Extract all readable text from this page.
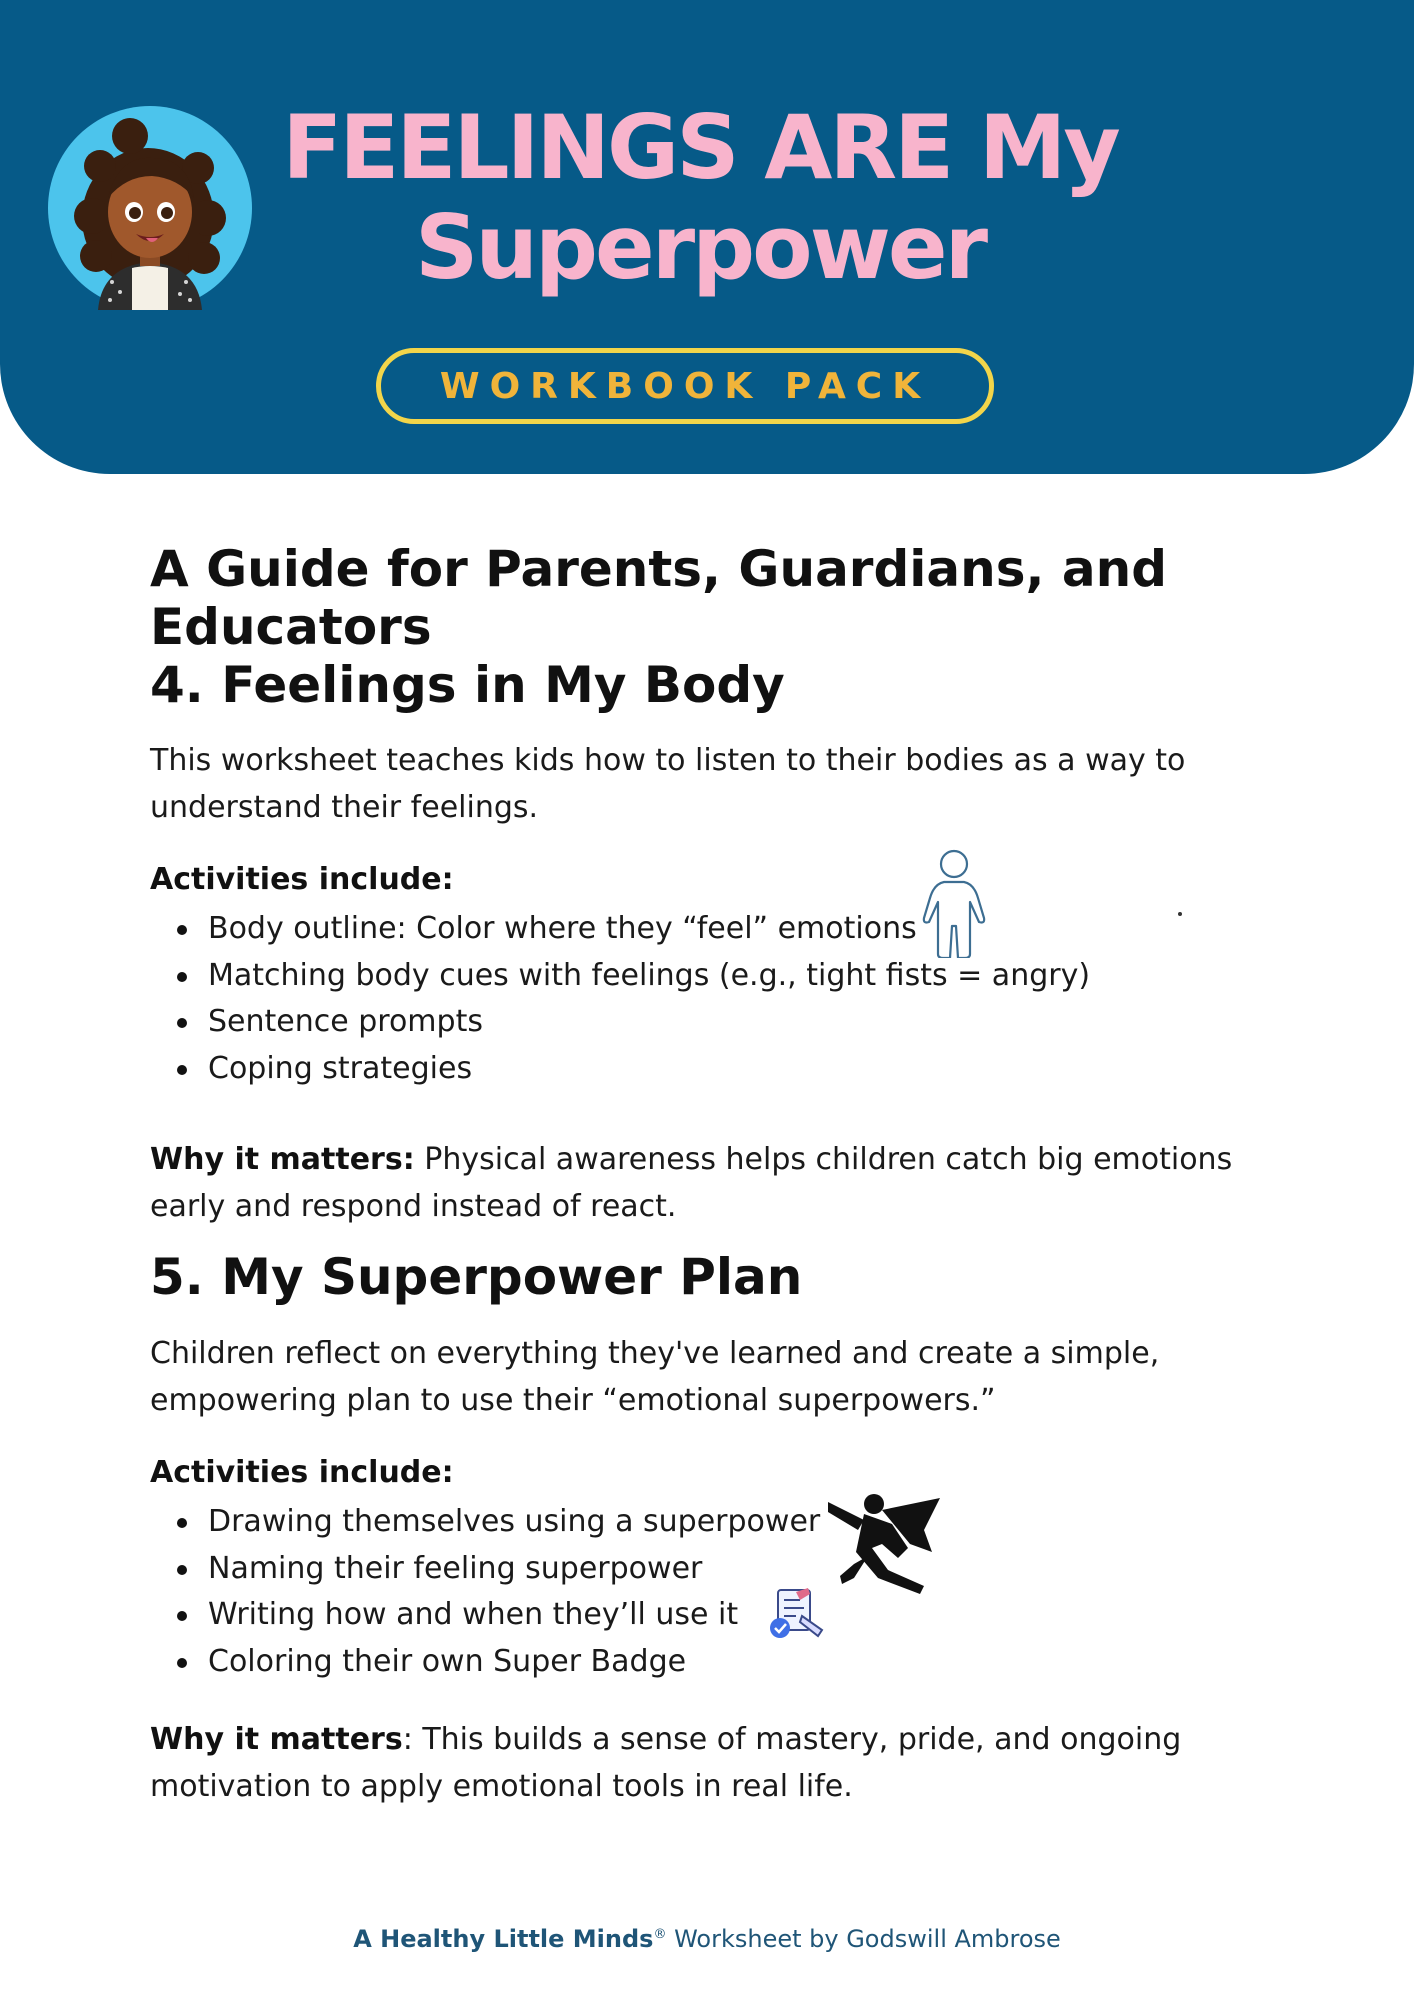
FEELINGS ARE My
Superpower
WORKBOOK PACK
A Guide for Parents, Guardians, and Educators
4. Feelings in My Body
This worksheet teaches kids how to listen to their bodies as a way to understand their feelings.
Activities include:
Body outline: Color where they “feel” emotions
Matching body cues with feelings (e.g., tight fists = angry)
Sentence prompts
Coping strategies
Why it matters: Physical awareness helps children catch big emotions early and respond instead of react.
5. My Superpower Plan
Children reflect on everything they've learned and create a simple, empowering plan to use their “emotional superpowers.”
Activities include:
Drawing themselves using a superpower
Naming their feeling superpower
Writing how and when they’ll use it
Coloring their own Super Badge
Why it matters: This builds a sense of mastery, pride, and ongoing motivation to apply emotional tools in real life.
A Healthy Little Minds® Worksheet by Godswill Ambrose
